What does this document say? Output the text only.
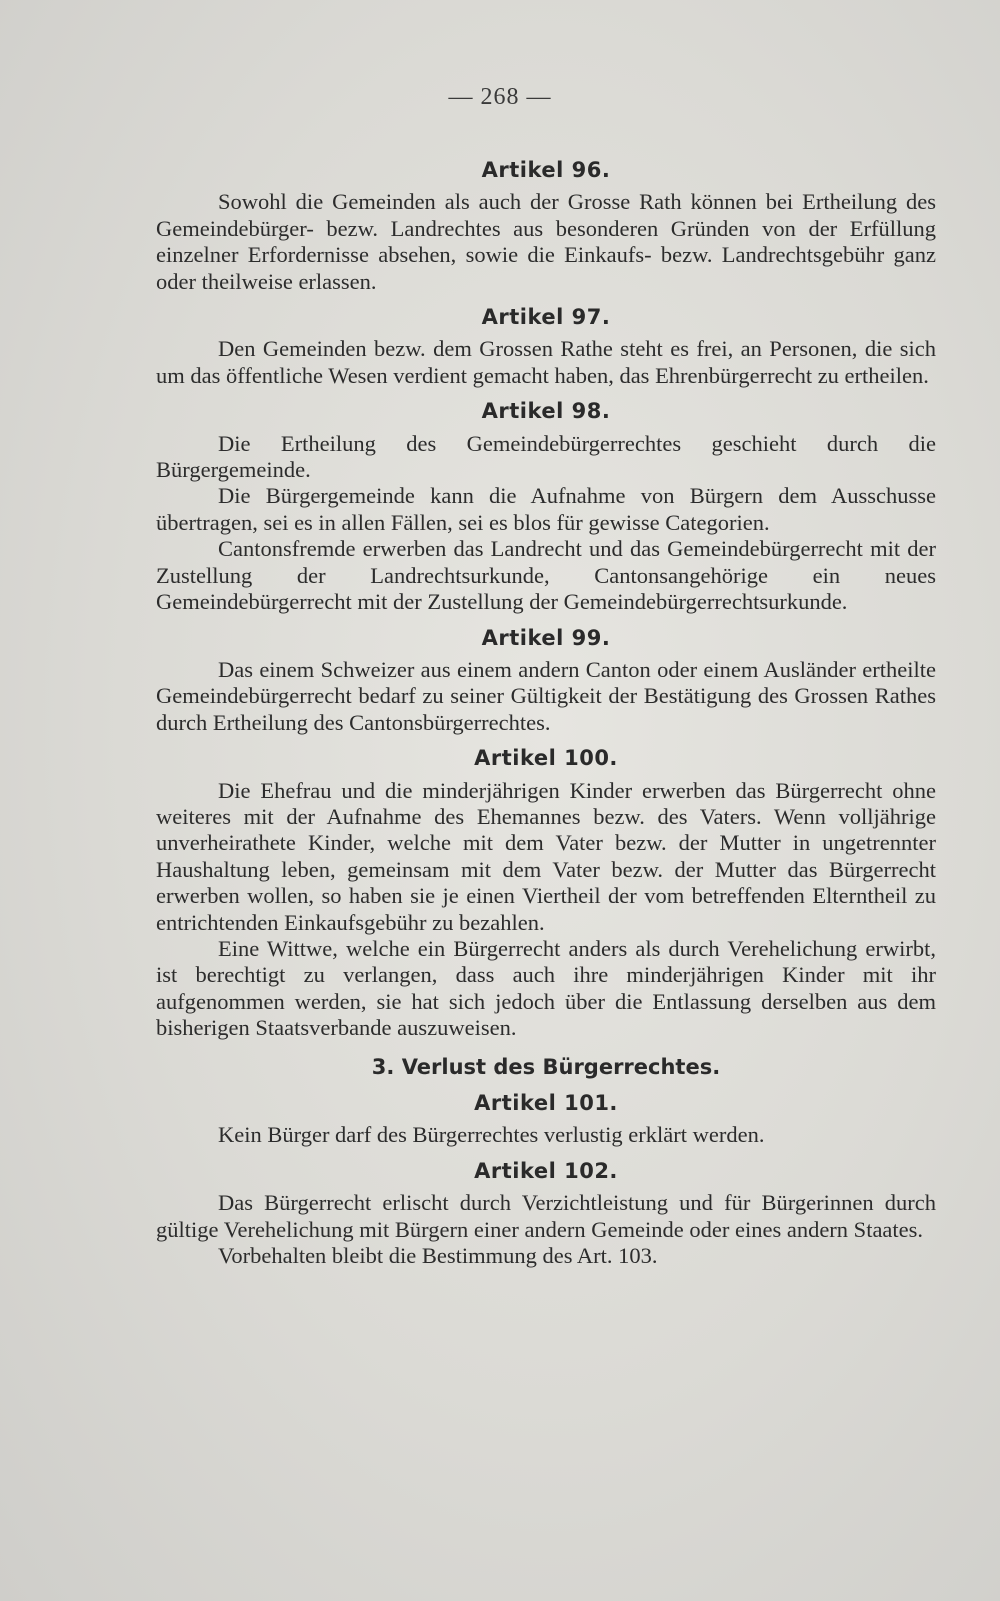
— 268 —
Artikel 96.

Sowohl die Gemeinden als auch der Grosse Rath können bei Ertheilung des Gemeindebürger- bezw. Landrechtes aus besonderen Gründen von der Erfüllung einzelner Erfordernisse absehen, sowie die Einkaufs- bezw. Landrechtsgebühr ganz oder theilweise erlassen.

Artikel 97.

Den Gemeinden bezw. dem Grossen Rathe steht es frei, an Personen, die sich um das öffentliche Wesen verdient gemacht haben, das Ehrenbürgerrecht zu ertheilen.

Artikel 98.

Die Ertheilung des Gemeindebürgerrechtes geschieht durch die Bürgergemeinde.

Die Bürgergemeinde kann die Aufnahme von Bürgern dem Ausschusse übertragen, sei es in allen Fällen, sei es blos für gewisse Categorien.

Cantonsfremde erwerben das Landrecht und das Gemeindebürgerrecht mit der Zustellung der Landrechtsurkunde, Cantonsangehörige ein neues Gemeindebürgerrecht mit der Zustellung der Gemeindebürgerrechtsurkunde.

Artikel 99.

Das einem Schweizer aus einem andern Canton oder einem Ausländer ertheilte Gemeindebürgerrecht bedarf zu seiner Gültigkeit der Bestätigung des Grossen Rathes durch Ertheilung des Cantonsbürgerrechtes.

Artikel 100.

Die Ehefrau und die minderjährigen Kinder erwerben das Bürgerrecht ohne weiteres mit der Aufnahme des Ehemannes bezw. des Vaters. Wenn volljährige unverheirathete Kinder, welche mit dem Vater bezw. der Mutter in ungetrennter Haushaltung leben, gemeinsam mit dem Vater bezw. der Mutter das Bürgerrecht erwerben wollen, so haben sie je einen Viertheil der vom betreffenden Elterntheil zu entrichtenden Einkaufsgebühr zu bezahlen.

Eine Wittwe, welche ein Bürgerrecht anders als durch Verehelichung erwirbt, ist berechtigt zu verlangen, dass auch ihre minderjährigen Kinder mit ihr aufgenommen werden, sie hat sich jedoch über die Entlassung derselben aus dem bisherigen Staatsverbande auszuweisen.

3. Verlust des Bürgerrechtes.
Artikel 101.

Kein Bürger darf des Bürgerrechtes verlustig erklärt werden.

Artikel 102.

Das Bürgerrecht erlischt durch Verzichtleistung und für Bürgerinnen durch gültige Verehelichung mit Bürgern einer andern Gemeinde oder eines andern Staates.

Vorbehalten bleibt die Bestimmung des Art. 103.
